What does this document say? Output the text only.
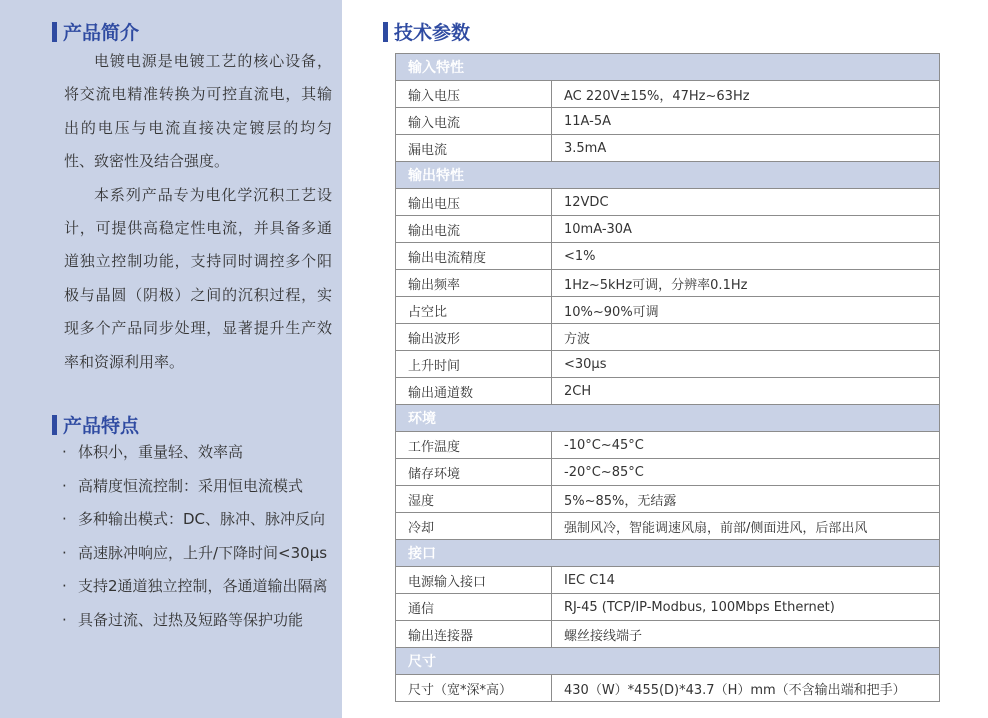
产品简介

电镀电源是电镀工艺的核心设备，将交流电精准转换为可控直流电，其输出的电压与电流直接决定镀层的均匀性、致密性及结合强度。

本系列产品专为电化学沉积工艺设计，可提供高稳定性电流，并具备多通道独立控制功能，支持同时调控多个阳极与晶圆（阴极）之间的沉积过程，实现多个产品同步处理，显著提升生产效率和资源利用率。

产品特点
· 体积小，重量轻、效率高
· 高精度恒流控制：采用恒电流模式
· 多种输出模式：DC、脉冲、脉冲反向
· 高速脉冲响应，上升/下降时间<30μs
· 支持2通道独立控制，各通道输出隔离
· 具备过流、过热及短路等保护功能
技术参数
输入特性	
输入电压	AC 220V±15%，47Hz~63Hz
输入电流	11A-5A
漏电流	3.5mA
输出特性	
输出电压	12VDC
输出电流	10mA-30A
输出电流精度	<1%
输出频率	1Hz~5kHz可调，分辨率0.1Hz
占空比	10%~90%可调
输出波形	方波
上升时间	<30μs
输出通道数	2CH
环境	
工作温度	-10°C~45°C
储存环境	-20°C~85°C
湿度	5%~85%，无结露
冷却	强制风冷，智能调速风扇，前部/侧面进风，后部出风
接口	
电源输入接口	IEC C14
通信	RJ-45 (TCP/IP-Modbus, 100Mbps Ethernet)
输出连接器	螺丝接线端子
尺寸	
尺寸（宽*深*高）	430（W）*455(D)*43.7（H）mm（不含输出端和把手）
